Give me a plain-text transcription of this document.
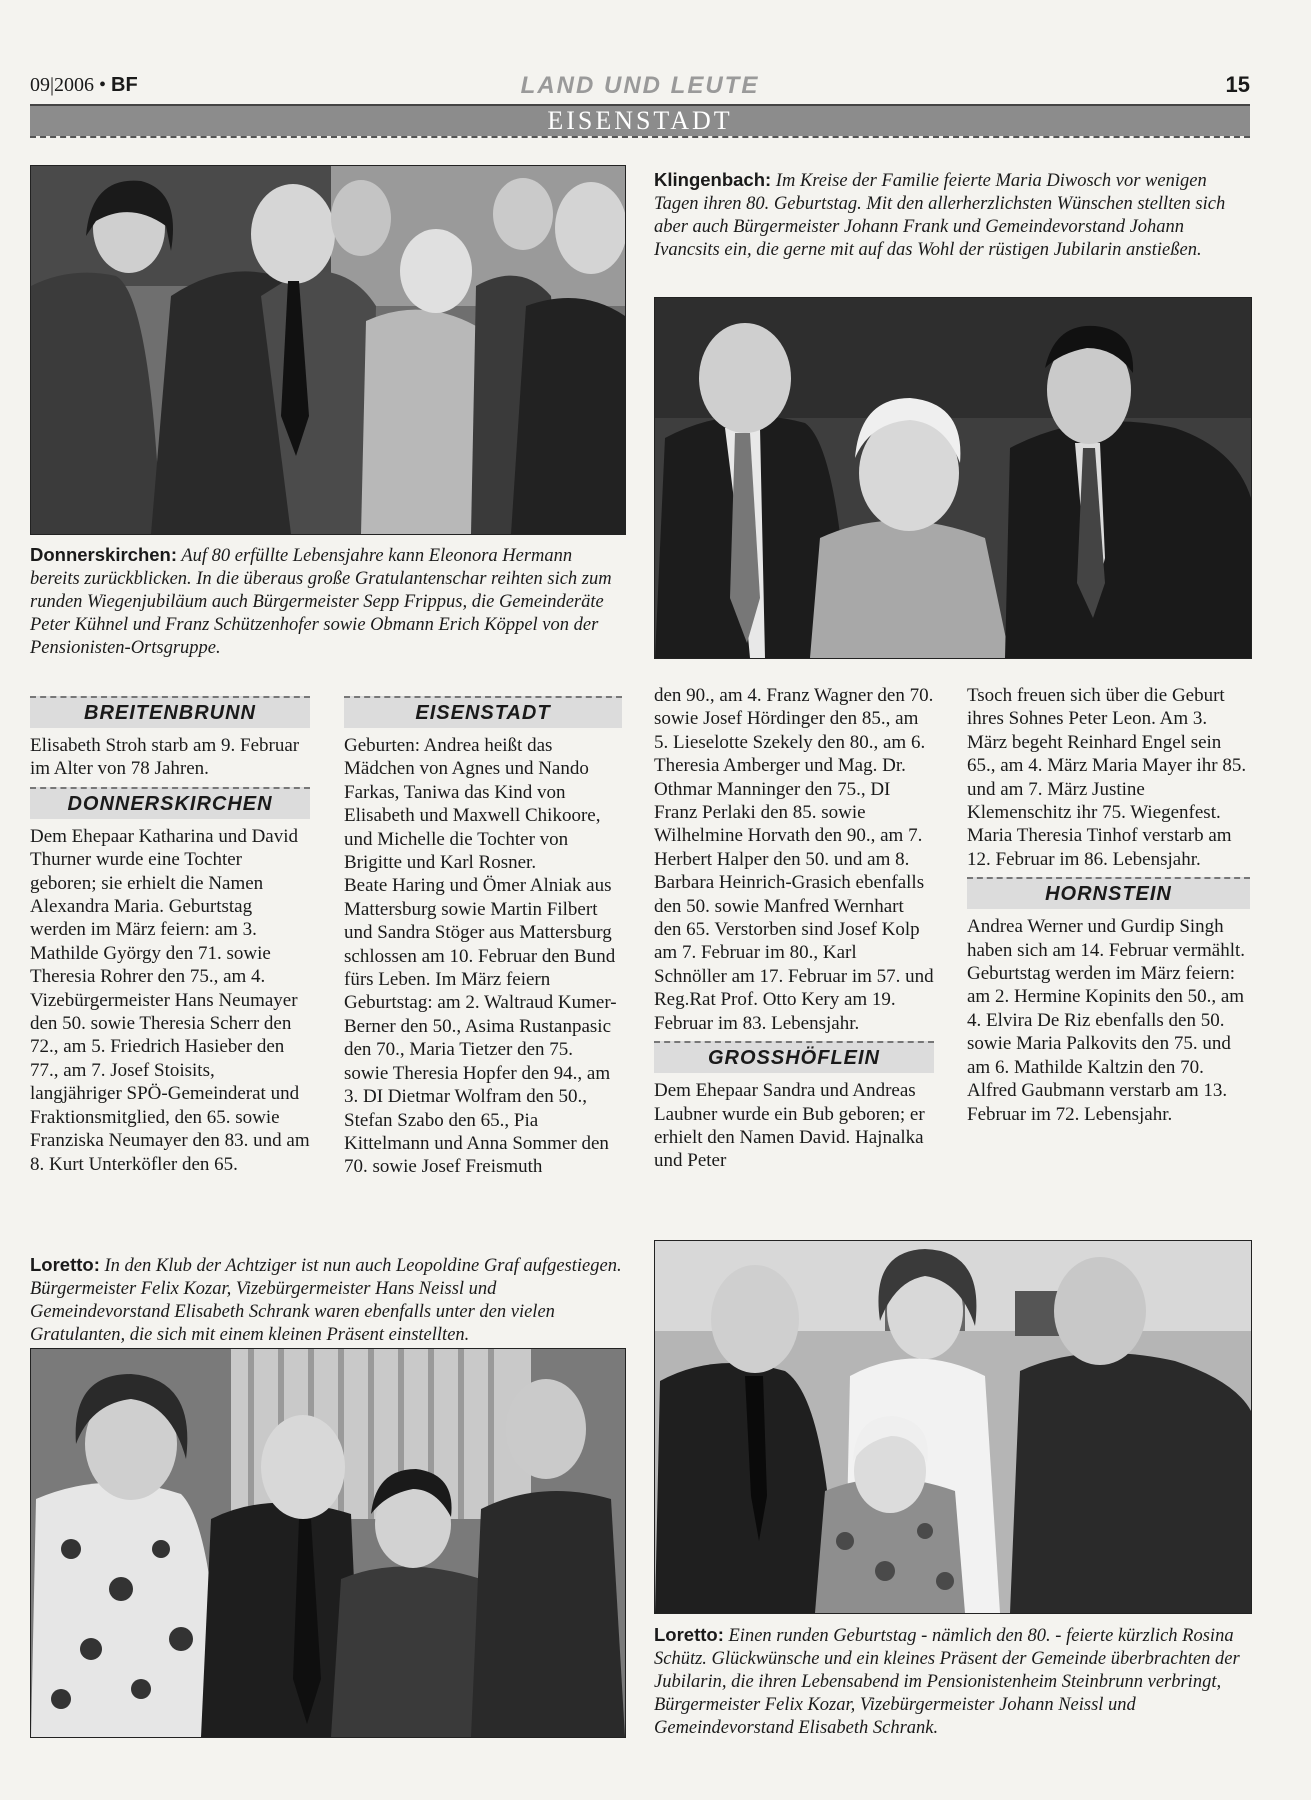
09|2006 • BF	LAND UND LEUTE	15
EISENSTADT
Donnerskirchen: Auf 80 erfüllte Lebensjahre kann Eleonora Hermann bereits zurückblicken. In die überaus große Gratulantenschar reihten sich zum runden Wiegenjubiläum auch Bürgermeister Sepp Frippus, die Gemeinderäte Peter Kühnel und Franz Schützenhofer sowie Obmann Erich Köppel von der Pensionisten-Ortsgruppe.
Klingenbach: Im Kreise der Familie feierte Maria Diwosch vor wenigen Tagen ihren 80. Geburtstag. Mit den allerherzlichsten Wünschen stellten sich aber auch Bürgermeister Johann Frank und Gemeindevorstand Johann Ivancsits ein, die gerne mit auf das Wohl der rüstigen Jubilarin anstießen.
BREITENBRUNN

Elisabeth Stroh starb am 9. Februar im Alter von 78 Jahren.

DONNERSKIRCHEN

Dem Ehepaar Katharina und David Thurner wurde eine Tochter geboren; sie erhielt die Namen Alexandra Maria. Geburtstag werden im März feiern: am 3. Mathilde György den 71. sowie Theresia Rohrer den 75., am 4. Vizebürgermeister Hans Neumayer den 50. sowie Theresia Scherr den 72., am 5. Friedrich Hasieber den 77., am 7. Josef Stoisits, langjähriger SPÖ-Gemeinderat und Fraktionsmitglied, den 65. sowie Franziska Neumayer den 83. und am 8. Kurt Unterköfler den 65.

EISENSTADT

Geburten: Andrea heißt das Mädchen von Agnes und Nando Farkas, Taniwa das Kind von Elisabeth und Maxwell Chikoore, und Michelle die Tochter von Brigitte und Karl Rosner.

Beate Haring und Ömer Alniak aus Mattersburg sowie Martin Filbert und Sandra Stöger aus Mattersburg schlossen am 10. Februar den Bund fürs Leben. Im März feiern Geburtstag: am 2. Waltraud Kumer-Berner den 50., Asima Rustanpasic den 70., Maria Tietzer den 75. sowie Theresia Hopfer den 94., am 3. DI Dietmar Wolfram den 50., Stefan Szabo den 65., Pia Kittelmann und Anna Sommer den 70. sowie Josef Freismuth

den 90., am 4. Franz Wagner den 70. sowie Josef Hördinger den 85., am 5. Lieselotte Szekely den 80., am 6. Theresia Amberger und Mag. Dr. Othmar Manninger den 75., DI Franz Perlaki den 85. sowie Wilhelmine Horvath den 90., am 7. Herbert Halper den 50. und am 8. Barbara Heinrich-Grasich ebenfalls den 50. sowie Manfred Wernhart den 65. Verstorben sind Josef Kolp am 7. Februar im 80., Karl Schnöller am 17. Februar im 57. und Reg.Rat Prof. Otto Kery am 19. Februar im 83. Lebensjahr.

GROSSHÖFLEIN

Dem Ehepaar Sandra und Andreas Laubner wurde ein Bub geboren; er erhielt den Namen David. Hajnalka und Peter

Tsoch freuen sich über die Geburt ihres Sohnes Peter Leon. Am 3. März begeht Reinhard Engel sein 65., am 4. März Maria Mayer ihr 85. und am 7. März Justine Klemenschitz ihr 75. Wiegenfest.

Maria Theresia Tinhof verstarb am 12. Februar im 86. Lebensjahr.

HORNSTEIN

Andrea Werner und Gurdip Singh haben sich am 14. Februar vermählt.

Geburtstag werden im März feiern: am 2. Hermine Kopinits den 50., am 4. Elvira De Riz ebenfalls den 50. sowie Maria Palkovits den 75. und am 6. Mathilde Kaltzin den 70. Alfred Gaubmann verstarb am 13. Februar im 72. Lebensjahr.

Loretto: In den Klub der Achtziger ist nun auch Leopoldine Graf aufgestiegen. Bürgermeister Felix Kozar, Vizebürgermeister Hans Neissl und Gemeindevorstand Elisabeth Schrank waren ebenfalls unter den vielen Gratulanten, die sich mit einem kleinen Präsent einstellten.
Loretto: Einen runden Geburtstag - nämlich den 80. - feierte kürzlich Rosina Schütz. Glückwünsche und ein kleines Präsent der Gemeinde überbrachten der Jubilarin, die ihren Lebensabend im Pensionistenheim Steinbrunn verbringt, Bürgermeister Felix Kozar, Vizebürgermeister Johann Neissl und Gemeindevorstand Elisabeth Schrank.
